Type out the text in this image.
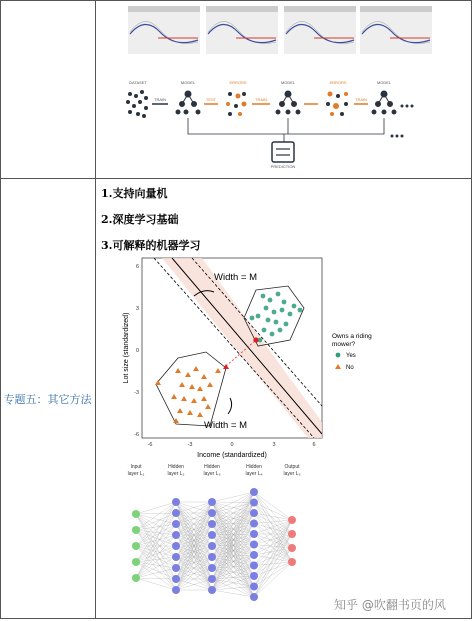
专题五：其它方法
DATASET
TRAIN
MODEL
TEST
ERRORS
TRAIN
MODEL	ERRORS
TRAIN
MODEL
PREDICTION
1.支持向量机
2.深度学习基础
3.可解释的机器学习
Width = M
Width = M
-6	-3	0	3	6
6
3
0
-3
-6
Income (standardized)
Lot size (standardized)	Owns a riding
mower?
Yes
No
Input
layer L₁
Hidden
layer L₂
Hidden
layer L₃
Hidden
layer L₄
Output
layer L₅
知乎 @吹翻书页的风
